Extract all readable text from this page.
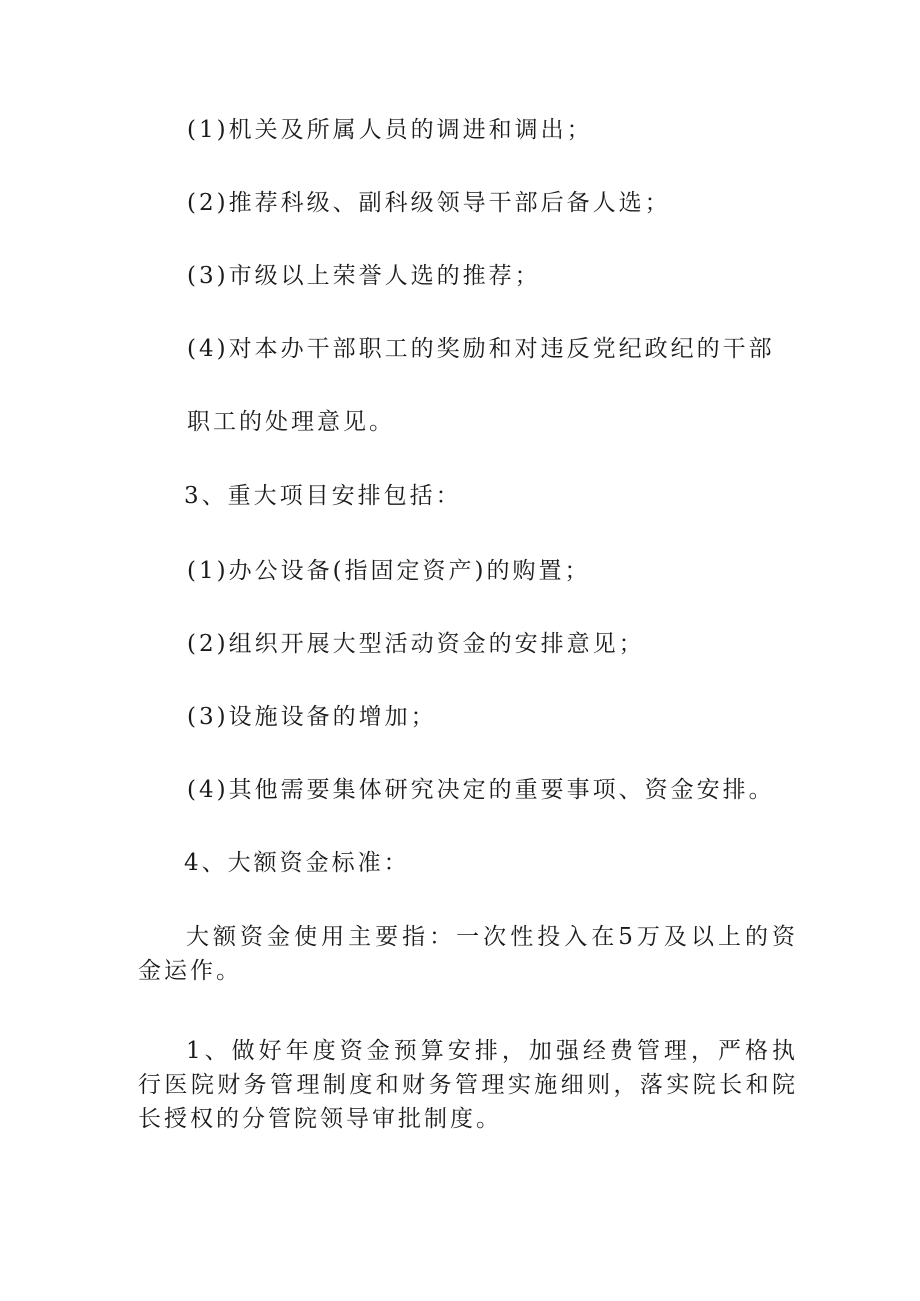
(1)机关及所属人员的调进和调出；
(2)推荐科级、副科级领导干部后备人选；
(3)市级以上荣誉人选的推荐；
(4)对本办干部职工的奖励和对违反党纪政纪的干部
职工的处理意见。
3、重大项目安排包括：
(1)办公设备(指固定资产)的购置；
(2)组织开展大型活动资金的安排意见；
(3)设施设备的增加；
(4)其他需要集体研究决定的重要事项、资金安排。
4、大额资金标准：
大额资金使用主要指：一次性投入在5万及以上的资金运作。
1、做好年度资金预算安排，加强经费管理，严格执行医院财务管理制度和财务管理实施细则，落实院长和院长授权的分管院领导审批制度。
